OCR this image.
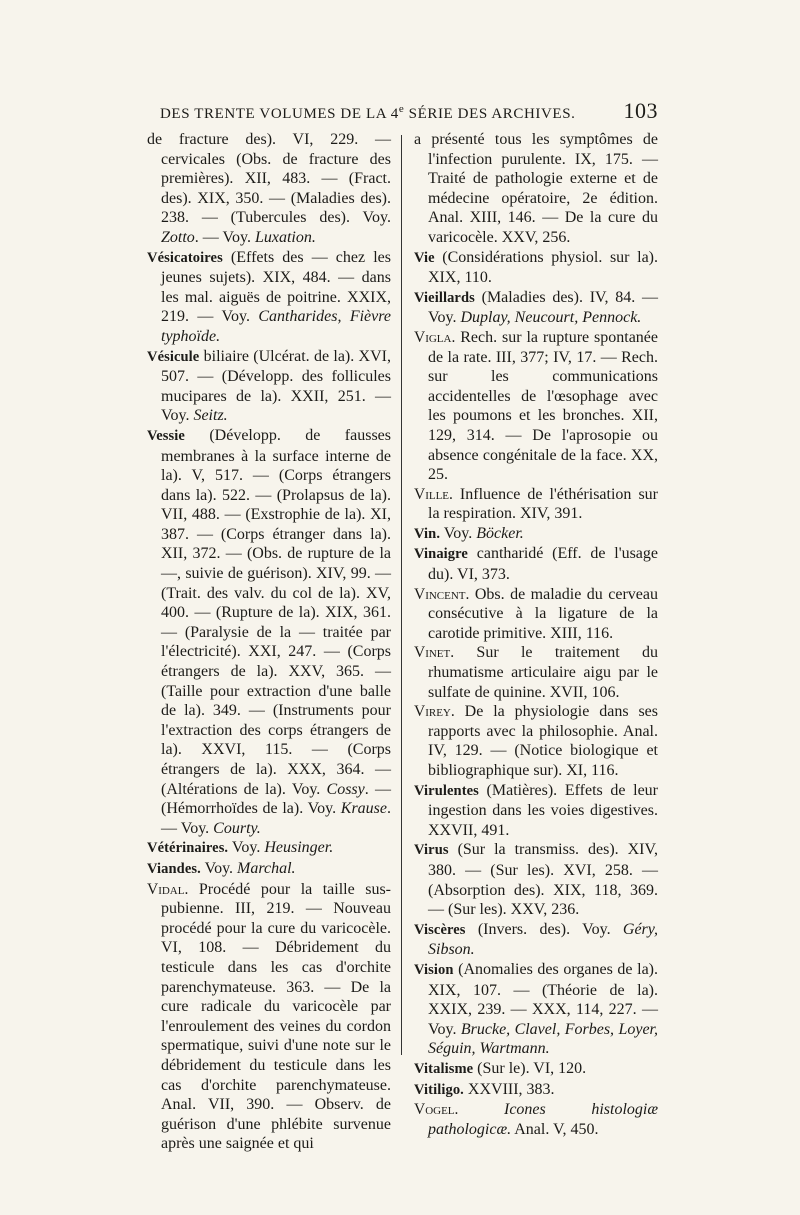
DES TRENTE VOLUMES DE LA 4e SÉRIE DES ARCHIVES. 103

de fracture des). VI, 229. — cervicales (Obs. de fracture des premières). XII, 483. — (Fract. des). XIX, 350. — (Maladies des). 238. — (Tubercules des). Voy. Zotto. — Voy. Luxation.

Vésicatoires (Effets des — chez les jeunes sujets). XIX, 484. — dans les mal. aiguës de poitrine. XXIX, 219. — Voy. Cantharides, Fièvre typhoïde.

Vésicule biliaire (Ulcérat. de la). XVI, 507. — (Développ. des follicules mucipares de la). XXII, 251. — Voy. Seitz.

Vessie (Développ. de fausses membranes à la surface interne de la). V, 517. — (Corps étrangers dans la). 522. — (Prolapsus de la). VII, 488. — (Exstrophie de la). XI, 387. — (Corps étranger dans la). XII, 372. — (Obs. de rupture de la —, suivie de guérison). XIV, 99. — (Trait. des valv. du col de la). XV, 400. — (Rupture de la). XIX, 361. — (Paralysie de la — traitée par l'électricité). XXI, 247. — (Corps étrangers de la). XXV, 365. — (Taille pour extraction d'une balle de la). 349. — (Instruments pour l'extraction des corps étrangers de la). XXVI, 115. — (Corps étrangers de la). XXX, 364. — (Altérations de la). Voy. Cossy. — (Hémorrhoïdes de la). Voy. Krause. — Voy. Courty.

Vétérinaires. Voy. Heusinger.

Viandes. Voy. Marchal.

Vidal. Procédé pour la taille sus-pubienne. III, 219. — Nouveau procédé pour la cure du varicocèle. VI, 108. — Débridement du testicule dans les cas d'orchite parenchymateuse. 363. — De la cure radicale du varicocèle par l'enroulement des veines du cordon spermatique, suivi d'une note sur le débridement du testicule dans les cas d'orchite parenchymateuse. Anal. VII, 390. — Observ. de guérison d'une phlébite survenue après une saignée et qui

a présenté tous les symptômes de l'infection purulente. IX, 175. — Traité de pathologie externe et de médecine opératoire, 2e édition. Anal. XIII, 146. — De la cure du varicocèle. XXV, 256.

Vie (Considérations physiol. sur la). XIX, 110.

Vieillards (Maladies des). IV, 84. — Voy. Duplay, Neucourt, Pennock.

Vigla. Rech. sur la rupture spontanée de la rate. III, 377; IV, 17. — Rech. sur les communications accidentelles de l'œsophage avec les poumons et les bronches. XII, 129, 314. — De l'aprosopie ou absence congénitale de la face. XX, 25.

Ville. Influence de l'éthérisation sur la respiration. XIV, 391.

Vin. Voy. Böcker.

Vinaigre cantharidé (Eff. de l'usage du). VI, 373.

Vincent. Obs. de maladie du cerveau consécutive à la ligature de la carotide primitive. XIII, 116.

Vinet. Sur le traitement du rhumatisme articulaire aigu par le sulfate de quinine. XVII, 106.

Virey. De la physiologie dans ses rapports avec la philosophie. Anal. IV, 129. — (Notice biologique et bibliographique sur). XI, 116.

Virulentes (Matières). Effets de leur ingestion dans les voies digestives. XXVII, 491.

Virus (Sur la transmiss. des). XIV, 380. — (Sur les). XVI, 258. — (Absorption des). XIX, 118, 369. — (Sur les). XXV, 236.

Viscères (Invers. des). Voy. Géry, Sibson.

Vision (Anomalies des organes de la). XIX, 107. — (Théorie de la). XXIX, 239. — XXX, 114, 227. — Voy. Brucke, Clavel, Forbes, Loyer, Séguin, Wartmann.

Vitalisme (Sur le). VI, 120.

Vitiligo. XXVIII, 383.

Vogel.	Icones histologiæ pathologicæ. Anal. V, 450.
